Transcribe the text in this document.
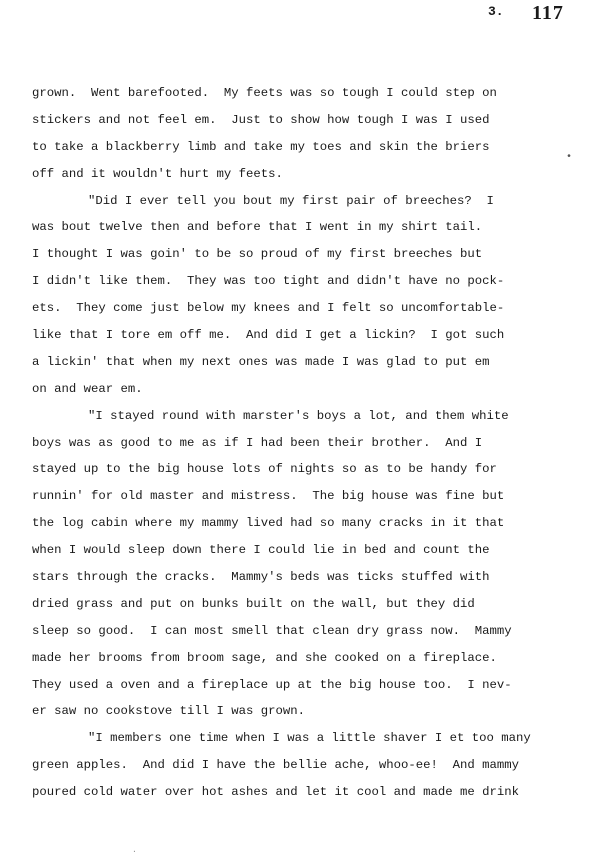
3. 117
grown.  Went barefooted.  My feets was so tough I could step on
stickers and not feel em.  Just to show how tough I was I used
to take a blackberry limb and take my toes and skin the briers
off and it wouldn't hurt my feets.
"Did I ever tell you bout my first pair of breeches?  I
was bout twelve then and before that I went in my shirt tail.
I thought I was goin' to be so proud of my first breeches but
I didn't like them.  They was too tight and didn't have no pock-
ets.  They come just below my knees and I felt so uncomfortable-
like that I tore em off me.  And did I get a lickin?  I got such
a lickin' that when my next ones was made I was glad to put em
on and wear em.
"I stayed round with marster's boys a lot, and them white
boys was as good to me as if I had been their brother.  And I
stayed up to the big house lots of nights so as to be handy for
runnin' for old master and mistress.  The big house was fine but
the log cabin where my mammy lived had so many cracks in it that
when I would sleep down there I could lie in bed and count the
stars through the cracks.  Mammy's beds was ticks stuffed with
dried grass and put on bunks built on the wall, but they did
sleep so good.  I can most smell that clean dry grass now.  Mammy
made her brooms from broom sage, and she cooked on a fireplace.
They used a oven and a fireplace up at the big house too.  I nev-
er saw no cookstove till I was grown.
"I members one time when I was a little shaver I et too many
green apples.  And did I have the bellie ache, whoo-ee!  And mammy
poured cold water over hot ashes and let it cool and made me drink
•
.
